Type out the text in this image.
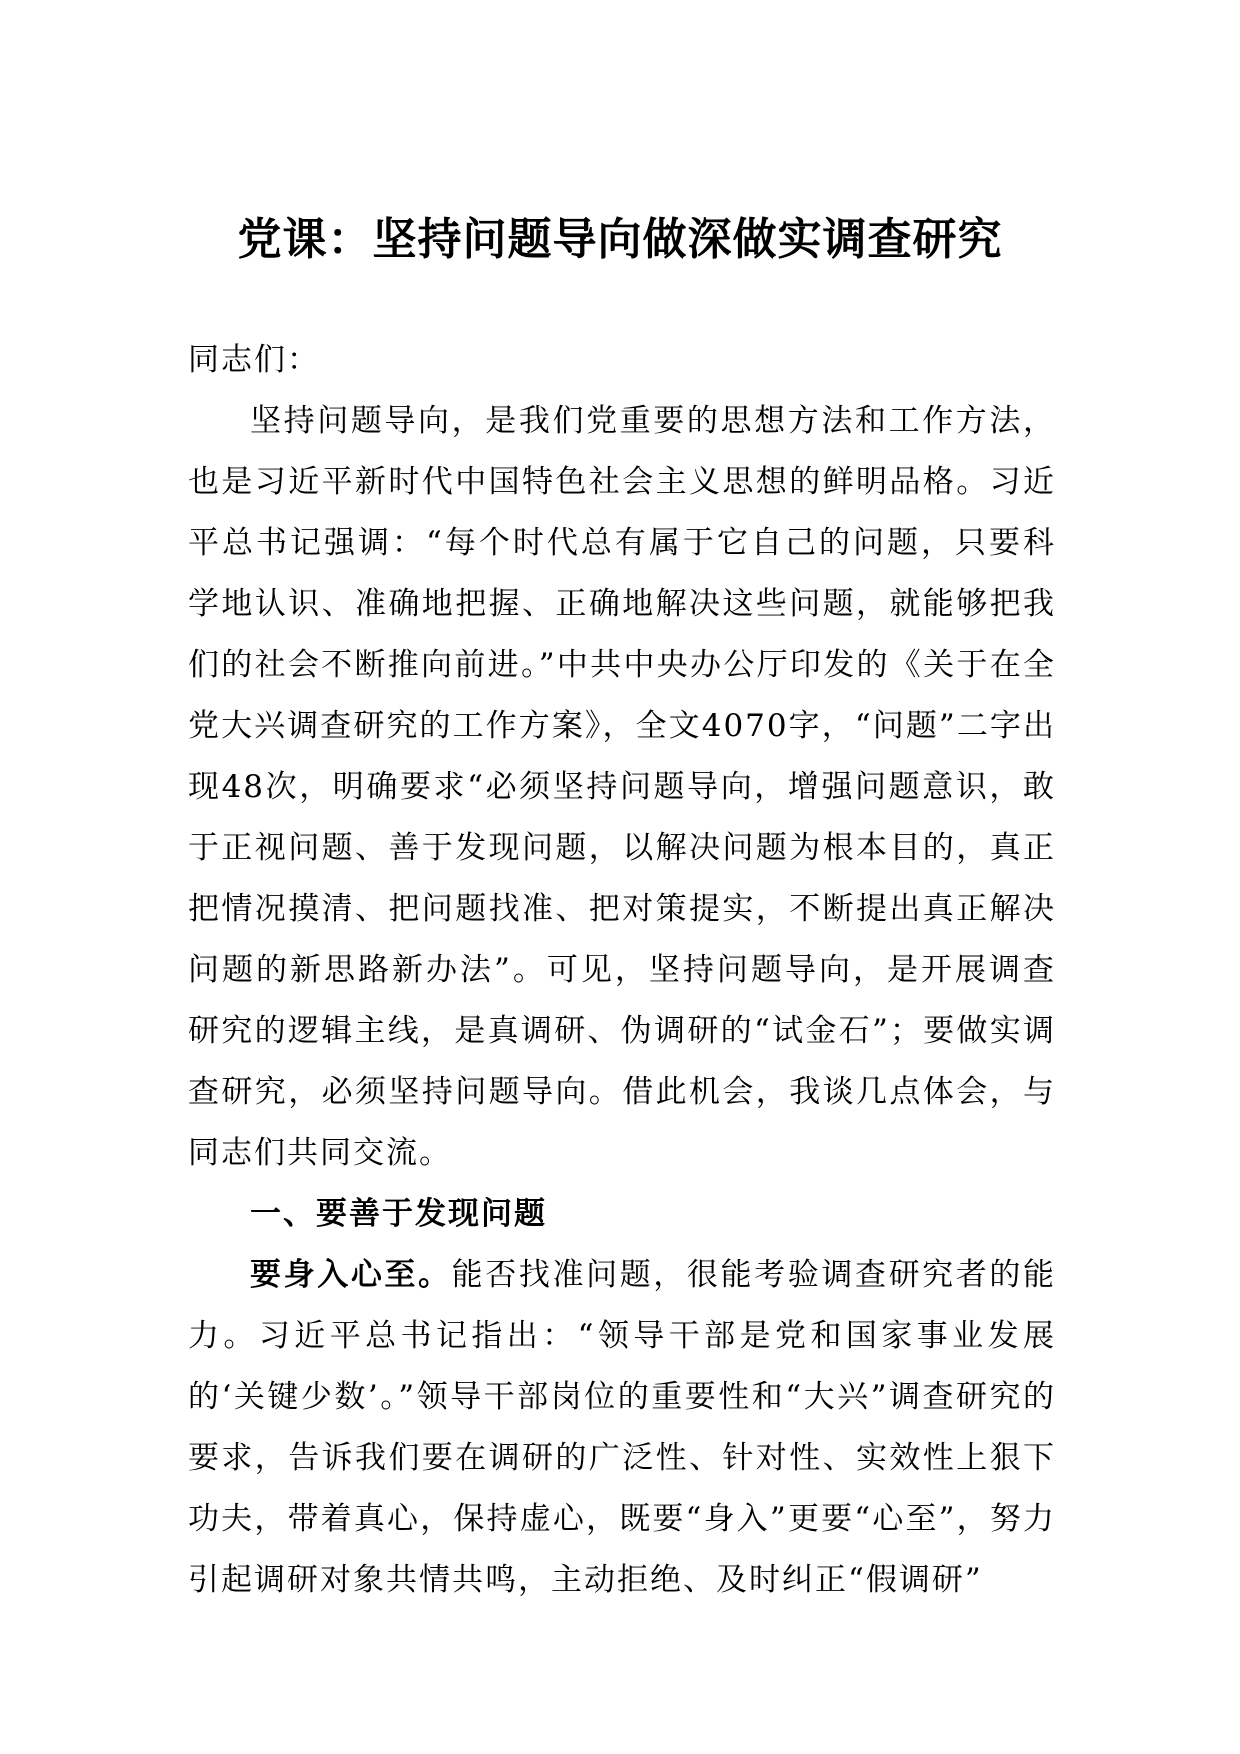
党课：坚持问题导向做深做实调查研究

同志们：

坚持问题导向，是我们党重要的思想方法和工作方法，也是习近平新时代中国特色社会主义思想的鲜明品格。习近平总书记强调：“每个时代总有属于它自己的问题，只要科学地认识、准确地把握、正确地解决这些问题，就能够把我们的社会不断推向前进。”中共中央办公厅印发的《关于在全党大兴调查研究的工作方案》，全文4070字，“问题”二字出现48次，明确要求“必须坚持问题导向，增强问题意识，敢于正视问题、善于发现问题，以解决问题为根本目的，真正把情况摸清、把问题找准、把对策提实，不断提出真正解决问题的新思路新办法”。可见，坚持问题导向，是开展调查研究的逻辑主线，是真调研、伪调研的“试金石”；要做实调查研究，必须坚持问题导向。借此机会，我谈几点体会，与同志们共同交流。

一、要善于发现问题

要身入心至。能否找准问题，很能考验调查研究者的能力。习近平总书记指出：“领导干部是党和国家事业发展的‘关键少数’。”领导干部岗位的重要性和“大兴”调查研究的要求，告诉我们要在调研的广泛性、针对性、实效性上狠下功夫，带着真心，保持虚心，既要“身入”更要“心至”，努力引起调研对象共情共鸣，主动拒绝、及时纠正“假调研”
